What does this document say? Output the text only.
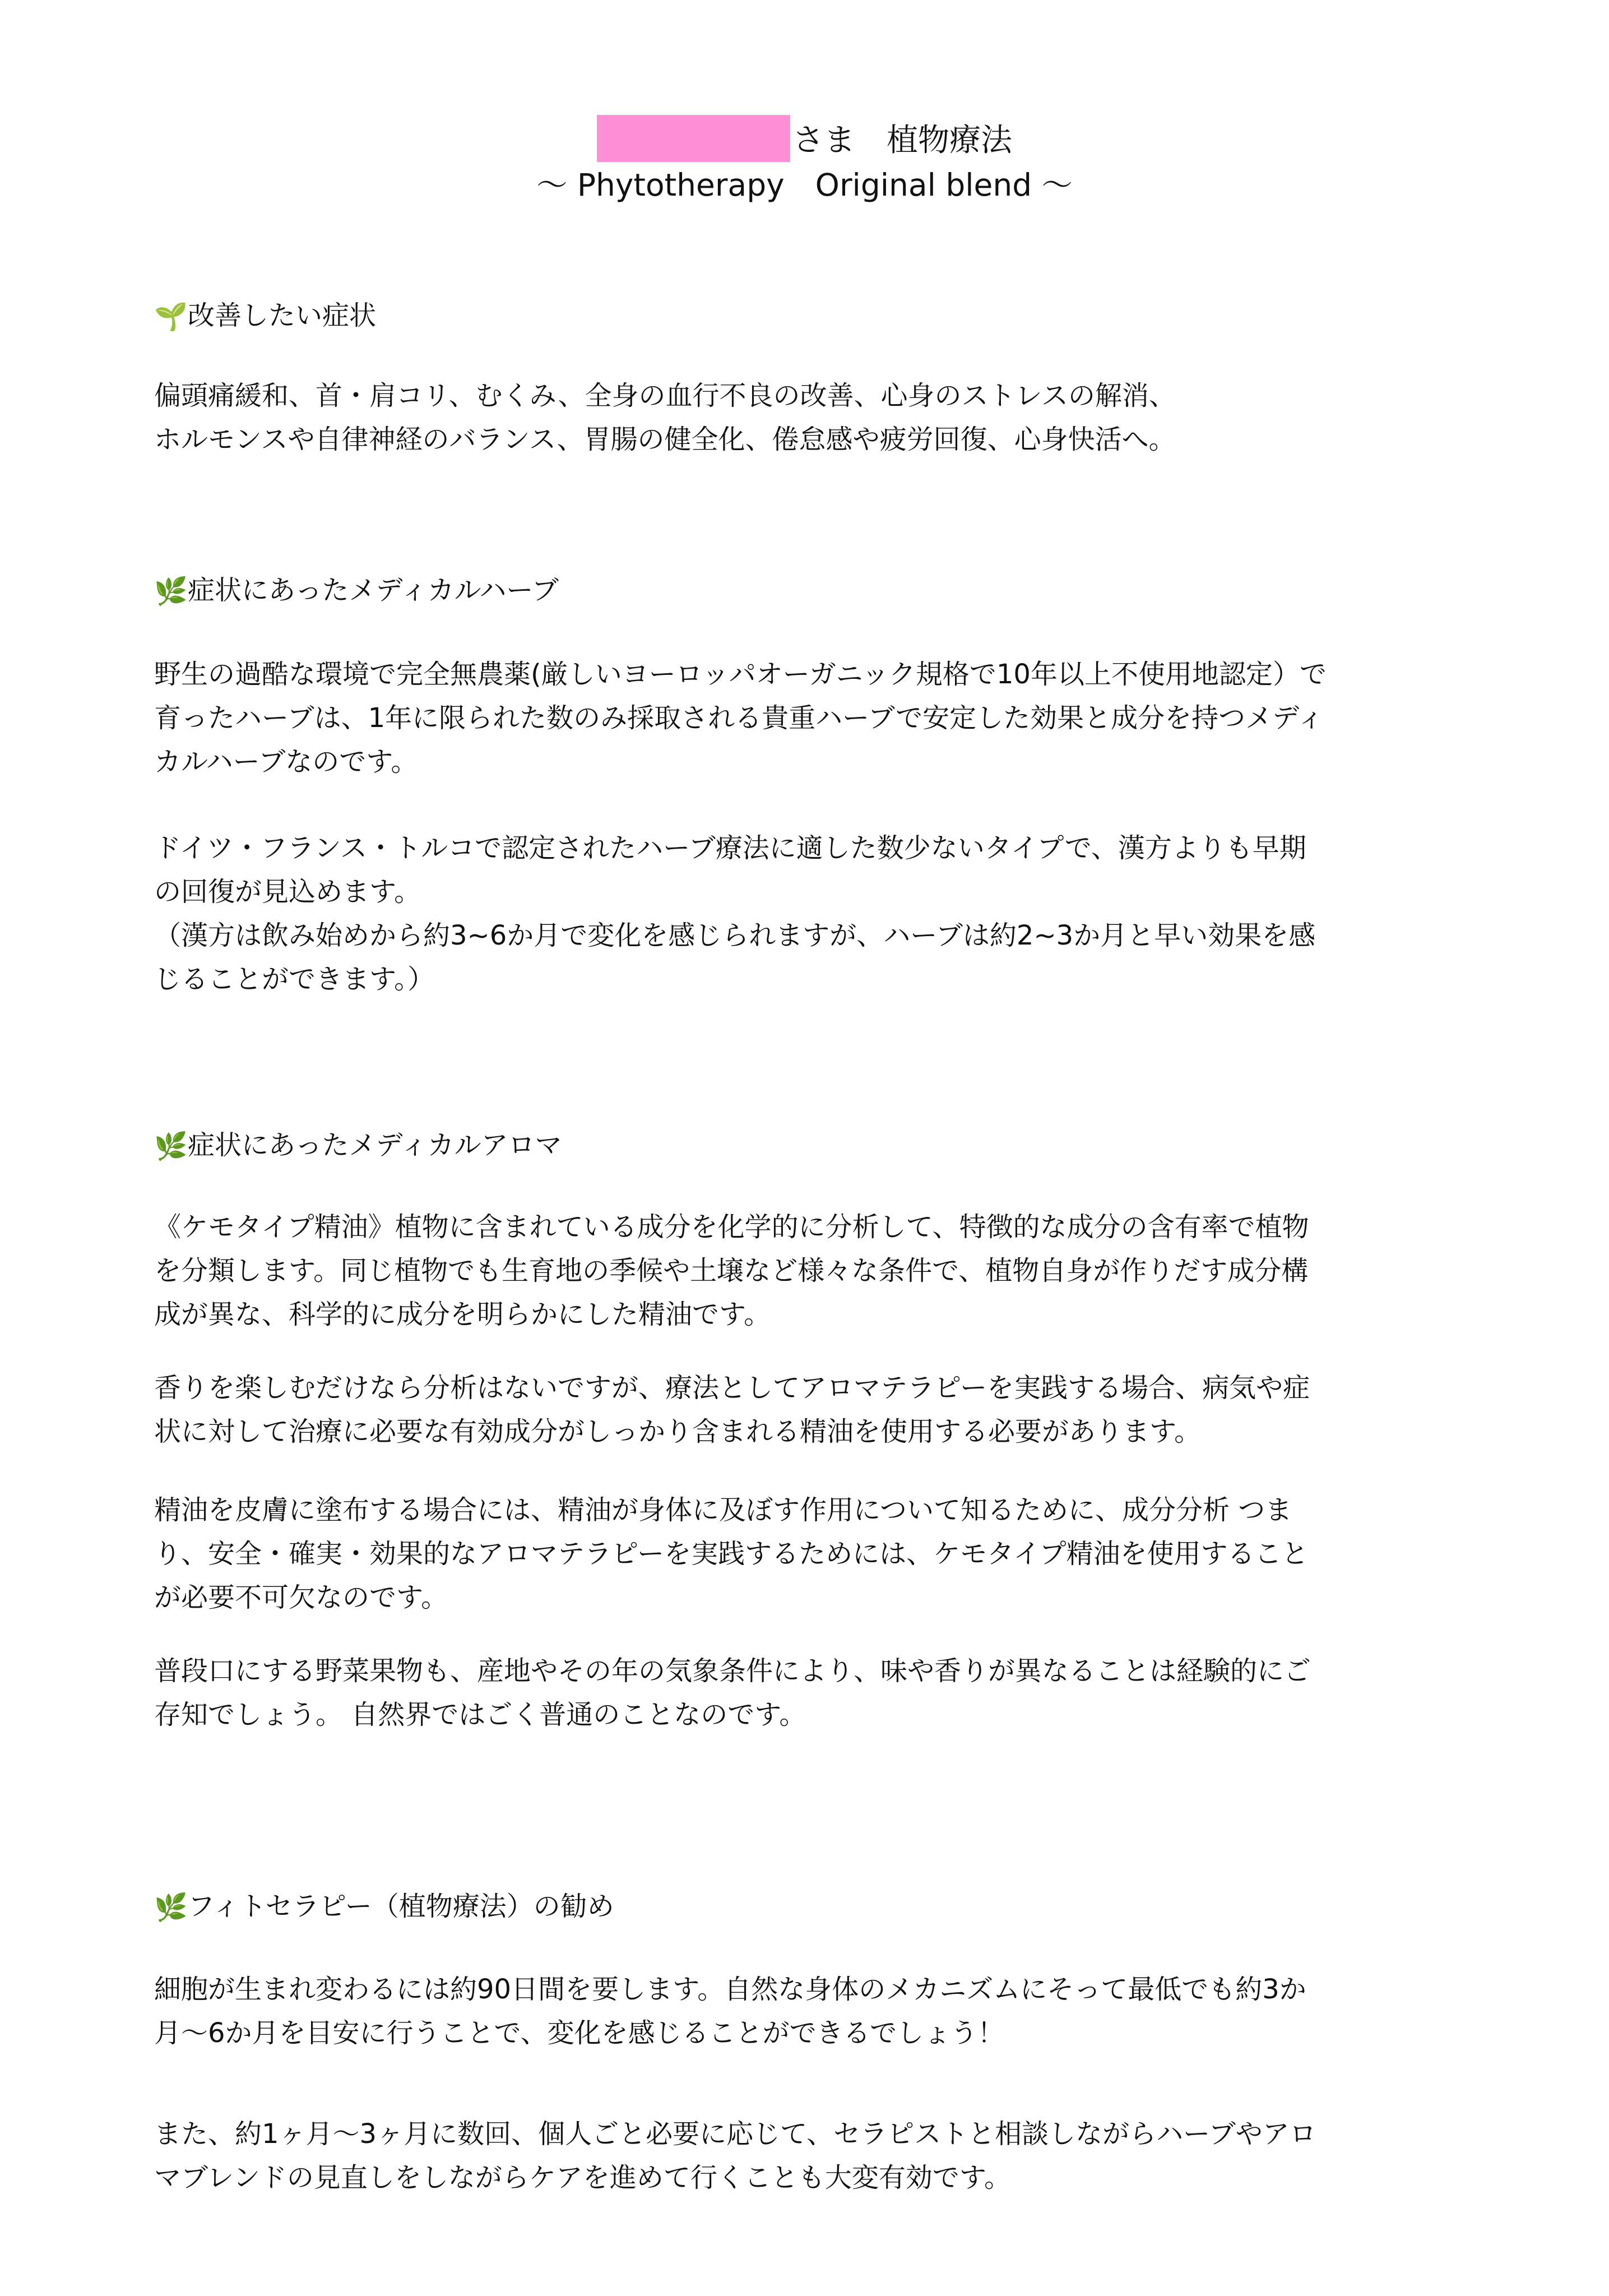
さま　植物療法
〜 Phytotherapy　Original blend 〜
🌱改善したい症状
偏頭痛緩和、首・肩コリ、むくみ、全身の血行不良の改善、心身のストレスの解消、
ホルモンスや自律神経のバランス、胃腸の健全化、倦怠感や疲労回復、心身快活へ。
🌿症状にあったメディカルハーブ
野生の過酷な環境で完全無農薬(厳しいヨーロッパオーガニック規格で10年以上不使用地認定）で
育ったハーブは、1年に限られた数のみ採取される貴重ハーブで安定した効果と成分を持つメディ
カルハーブなのです。
ドイツ・フランス・トルコで認定されたハーブ療法に適した数少ないタイプで、漢方よりも早期
の回復が見込めます。
（漢方は飲み始めから約3~6か月で変化を感じられますが、ハーブは約2~3か月と早い効果を感
じることができます。）
🌿症状にあったメディカルアロマ
《ケモタイプ精油》植物に含まれている成分を化学的に分析して、特徴的な成分の含有率で植物
を分類します。同じ植物でも生育地の季候や土壌など様々な条件で、植物自身が作りだす成分構
成が異な、科学的に成分を明らかにした精油です。
香りを楽しむだけなら分析はないですが、療法としてアロマテラピーを実践する場合、病気や症
状に対して治療に必要な有効成分がしっかり含まれる精油を使用する必要があります。
精油を皮膚に塗布する場合には、精油が身体に及ぼす作用について知るために、成分分析 つま
り、安全・確実・効果的なアロマテラピーを実践するためには、ケモタイプ精油を使用すること
が必要不可欠なのです。
普段口にする野菜果物も、産地やその年の気象条件により、味や香りが異なることは経験的にご
存知でしょう。 自然界ではごく普通のことなのです。
🌿フィトセラピー（植物療法）の勧め
細胞が生まれ変わるには約90日間を要します。自然な身体のメカニズムにそって最低でも約3か
月〜6か月を目安に行うことで、変化を感じることができるでしょう！
また、約1ヶ月〜3ヶ月に数回、個人ごと必要に応じて、セラピストと相談しながらハーブやアロ
マブレンドの見直しをしながらケアを進めて行くことも大変有効です。
